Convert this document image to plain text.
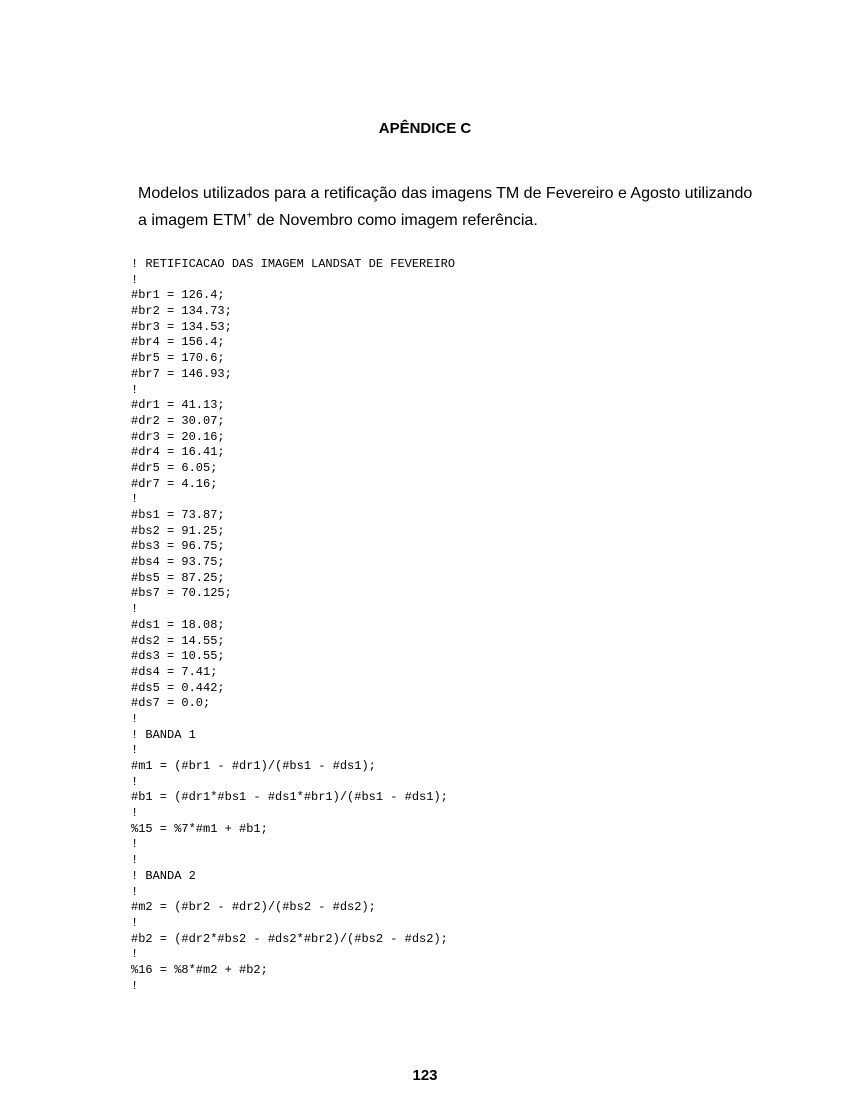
APÊNDICE C
Modelos utilizados para a retificação das imagens TM de Fevereiro e Agosto utilizando a imagem ETM+ de Novembro como imagem referência.
! RETIFICACAO DAS IMAGEM LANDSAT DE FEVEREIRO
!
#br1 = 126.4;
#br2 = 134.73;
#br3 = 134.53;
#br4 = 156.4;
#br5 = 170.6;
#br7 = 146.93;
!
#dr1 = 41.13;
#dr2 = 30.07;
#dr3 = 20.16;
#dr4 = 16.41;
#dr5 = 6.05;
#dr7 = 4.16;
!
#bs1 = 73.87;
#bs2 = 91.25;
#bs3 = 96.75;
#bs4 = 93.75;
#bs5 = 87.25;
#bs7 = 70.125;
!
#ds1 = 18.08;
#ds2 = 14.55;
#ds3 = 10.55;
#ds4 = 7.41;
#ds5 = 0.442;
#ds7 = 0.0;
!
! BANDA 1
!
#m1 = (#br1 - #dr1)/(#bs1 - #ds1);
!
#b1 = (#dr1*#bs1 - #ds1*#br1)/(#bs1 - #ds1);
!
%15 = %7*#m1 + #b1;
!
!
! BANDA 2
!
#m2 = (#br2 - #dr2)/(#bs2 - #ds2);
!
#b2 = (#dr2*#bs2 - #ds2*#br2)/(#bs2 - #ds2);
!
%16 = %8*#m2 + #b2;
!
123
